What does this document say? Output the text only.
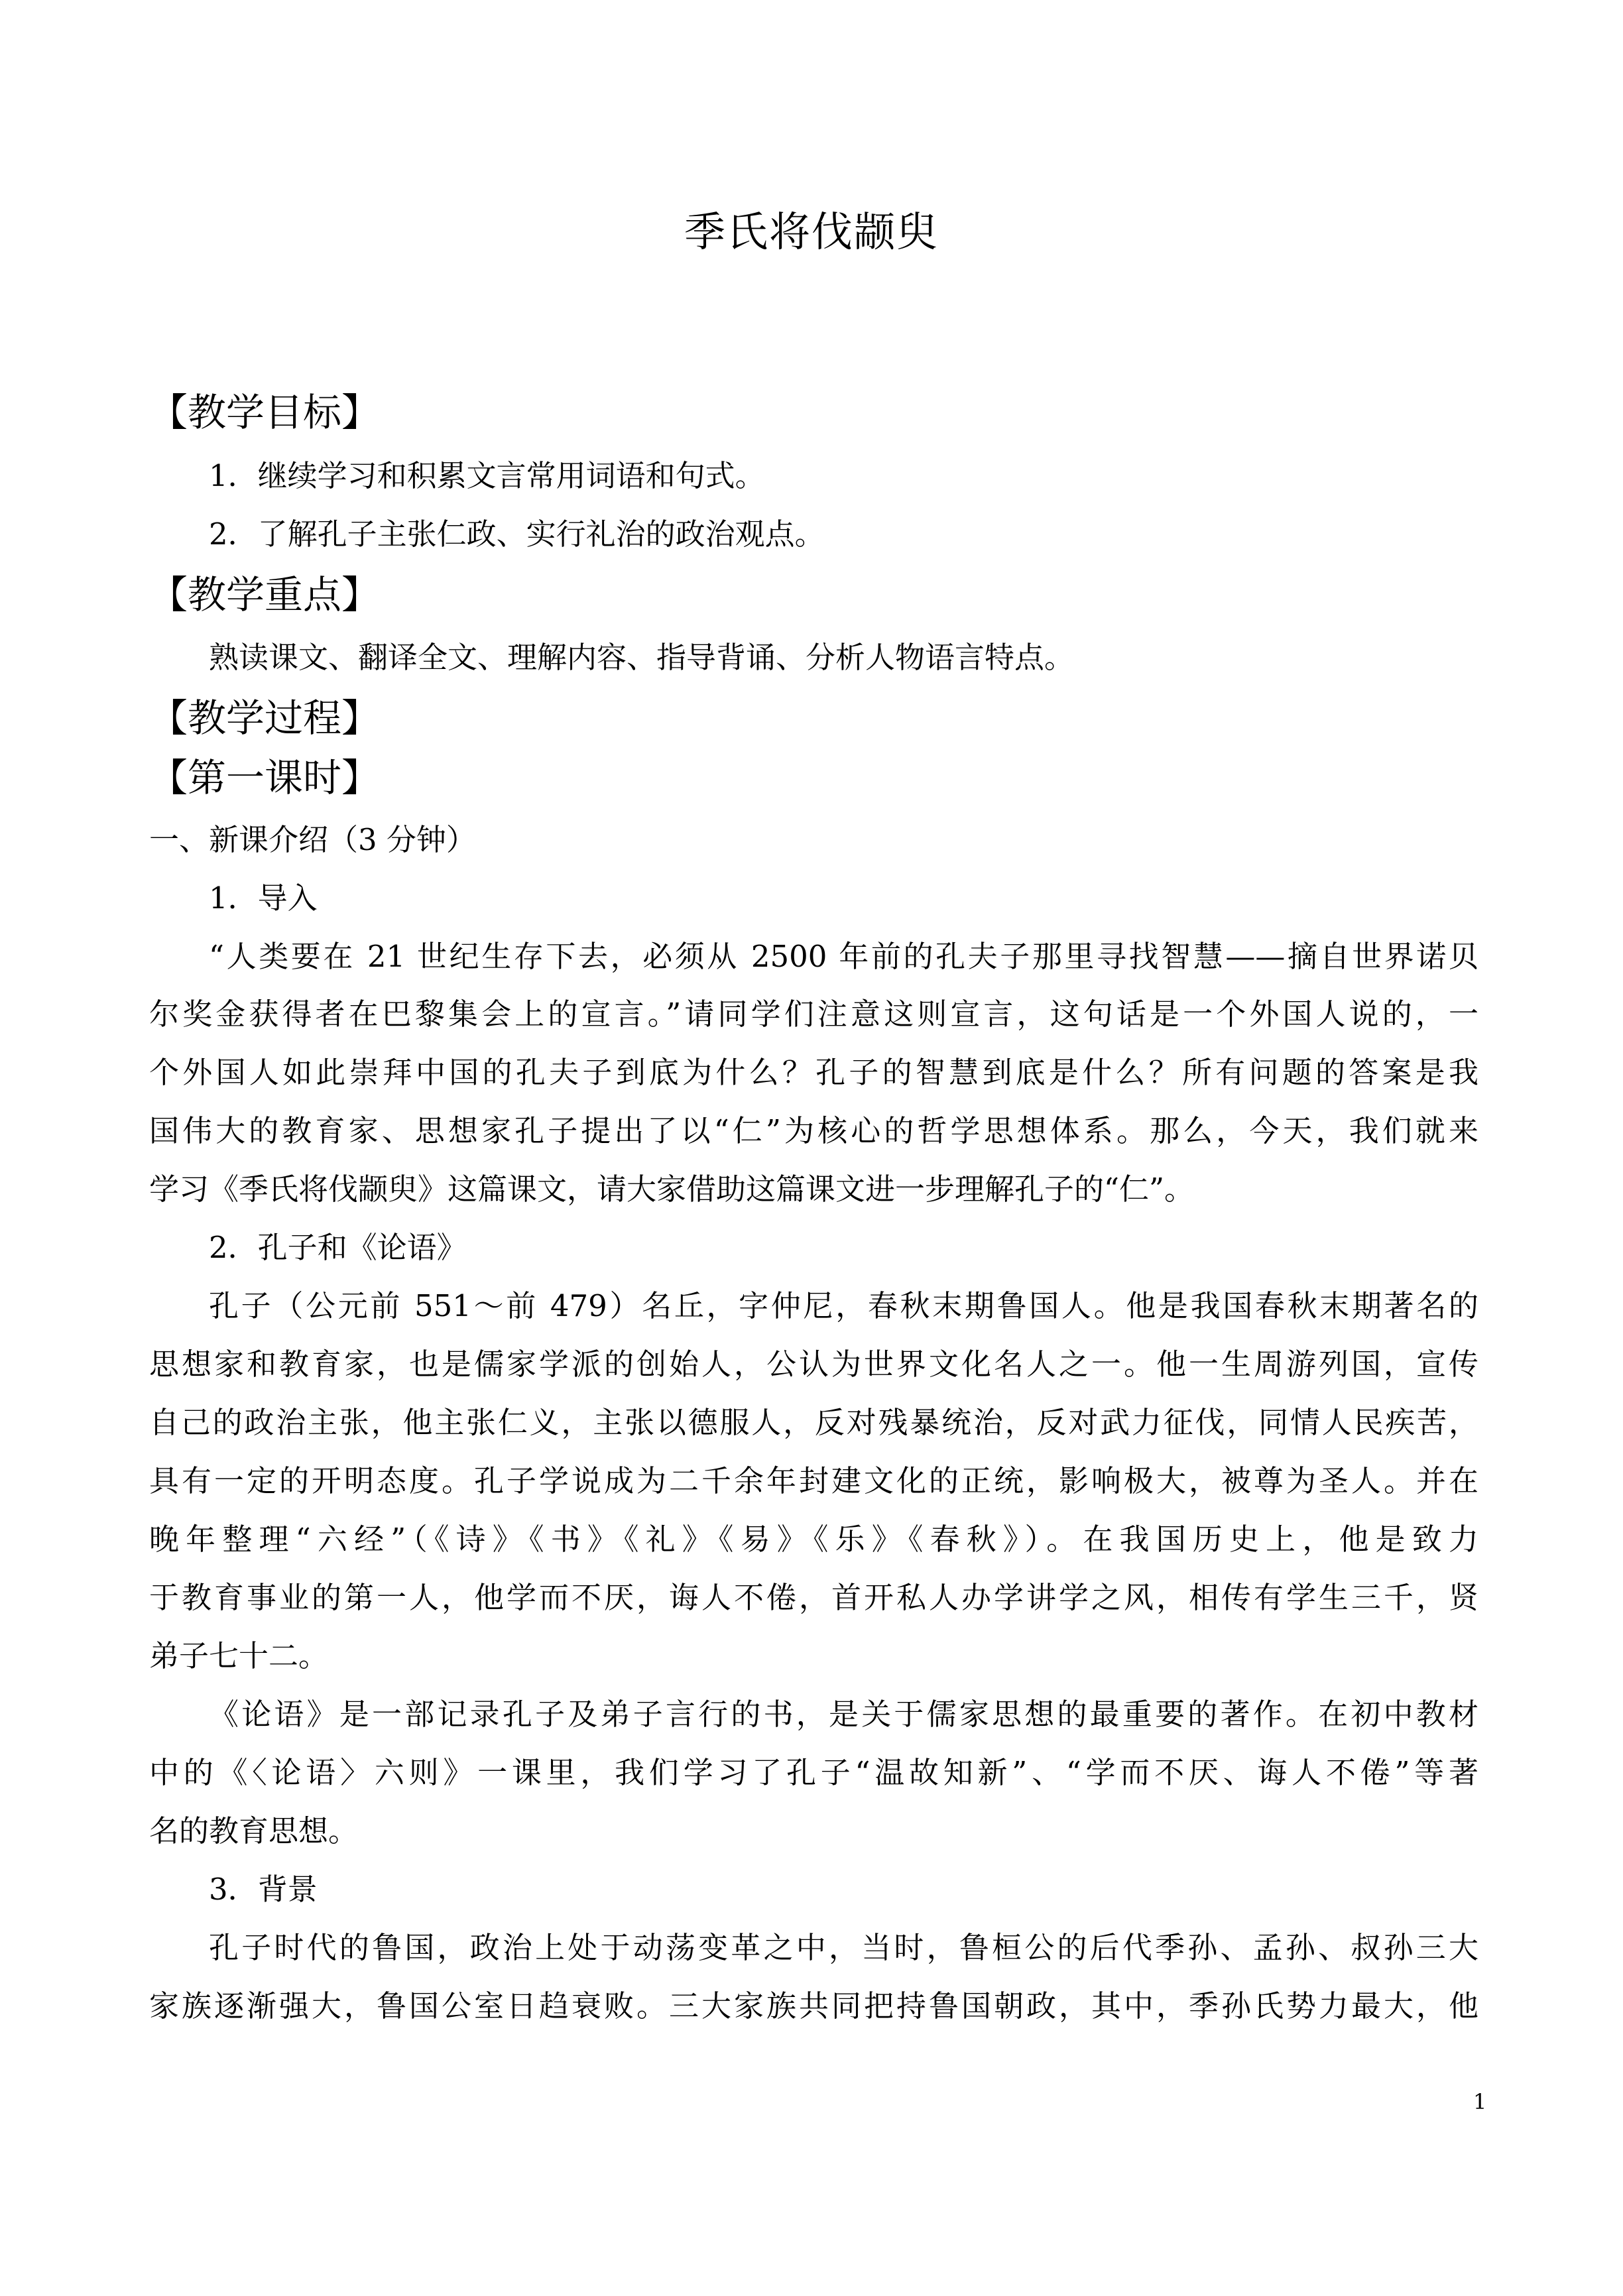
季氏将伐颛臾
【教学目标】
1．继续学习和积累文言常用词语和句式。
2．了解孔子主张仁政、实行礼治的政治观点。
【教学重点】
熟读课文、翻译全文、理解内容、指导背诵、分析人物语言特点。
【教学过程】
【第一课时】
一、新课介绍（3 分钟）
1．导入
“人类要在 21 世纪生存下去，必须从 2500 年前的孔夫子那里寻找智慧——摘自世界诺贝
尔奖金获得者在巴黎集会上的宣言。”请同学们注意这则宣言，这句话是一个外国人说的，一
个外国人如此崇拜中国的孔夫子到底为什么？孔子的智慧到底是什么？所有问题的答案是我
国伟大的教育家、思想家孔子提出了以“仁”为核心的哲学思想体系。那么，今天，我们就来
学习《季氏将伐颛臾》这篇课文，请大家借助这篇课文进一步理解孔子的“仁”。
2．孔子和《论语》
孔子（公元前 551～前 479）名丘，字仲尼，春秋末期鲁国人。他是我国春秋末期著名的
思想家和教育家，也是儒家学派的创始人，公认为世界文化名人之一。他一生周游列国，宣传
自己的政治主张，他主张仁义，主张以德服人，反对残暴统治，反对武力征伐，同情人民疾苦，
具有一定的开明态度。孔子学说成为二千余年封建文化的正统，影响极大，被尊为圣人。并在
晚年整理“六经”（《诗》《书》《礼》《易》《乐》《春秋》）。在我国历史上，他是致力
于教育事业的第一人，他学而不厌，诲人不倦，首开私人办学讲学之风，相传有学生三千，贤
弟子七十二。
《论语》是一部记录孔子及弟子言行的书，是关于儒家思想的最重要的著作。在初中教材
中的《〈论语〉六则》一课里，我们学习了孔子“温故知新”、“学而不厌、诲人不倦”等著
名的教育思想。
3．背景
孔子时代的鲁国，政治上处于动荡变革之中，当时，鲁桓公的后代季孙、孟孙、叔孙三大
家族逐渐强大，鲁国公室日趋衰败。三大家族共同把持鲁国朝政，其中，季孙氏势力最大，他
1
